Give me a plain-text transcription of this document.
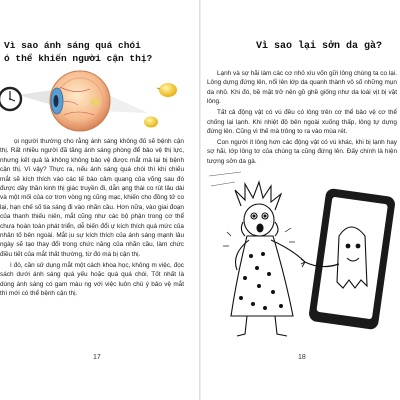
Vì sao ánh sáng quá chói
ó thể khiến người cận thị?

ọi người thường cho rằng ánh sáng không đủ sẽ bệnh cận thị. Rất nhiều người đã tăng ánh sáng phòng để bảo vệ thị lực, nhưng kết quả là không không bảo vệ được mắt mà lại bị bệnh cận thị. Vì vậy? Thực ra, nếu ánh sáng quá chói thì khi chiếu mắt sẽ kích thích vào các tế bào cảm quang của võng sau đó được dây thần kinh thị giác truyền đi, dẫn ạng thái co rút lâu dài và một mối của cơ trơn vòng ng cũng mạc, khiến cho đồng tử co lại, hạn chế số tia sáng đi vào nhãn cầu. Hơn nữa, vào giai đoạn của thanh thiếu niên, mắt cũng như các bộ phận trong cơ thể chưa hoàn toàn phát triển, dễ biến đổi ự kích thích quá mức của nhân tố bên ngoài. Mắt ịu sự kích thích của ánh sáng mạnh lâu ngày sẽ tạo thay đổi trong chức năng của nhãn cầu, làm chức điều tiết của mắt thất thường, từ đó mà bị cận thị.

ì đó, cần sử dụng mắt một cách khoa học, không m việc, đọc sách dưới ánh sáng quá yếu hoặc quá quá chói. Tốt nhất là dùng ánh sáng có gam màu ng với việc luôn chú ý bảo vệ mắt thì mới có thể bệnh cận thị.

17
Vì sao lại sởn da gà?

Lạnh và sợ hãi làm các cơ nhỏ xíu vốn gữi lông chúng ta co lại. Lông dựng đứng lên, nổi lên lớp da quanh thành vô số những mụn da nhỏ. Khi đó, bề mặt trở nên gồ ghề giống như da loài vịt bị vặt lông.

Tất cả động vật có vú đều có lông trên cơ thể bảo vệ cơ thể chống lại lạnh. Khi nhiệt độ bên ngoài xuống thấp, lông tự dựng đứng lên. Cũng vì thế mà trông to ra vào mùa rét.

Con người ít lông hơn các động vật có vú khác, khi bị lạnh hay sợ hãi, lớp lông tơ của chúng ta cũng đứng lên. Đấy chính là hiện tượng sởn da gà.

18
